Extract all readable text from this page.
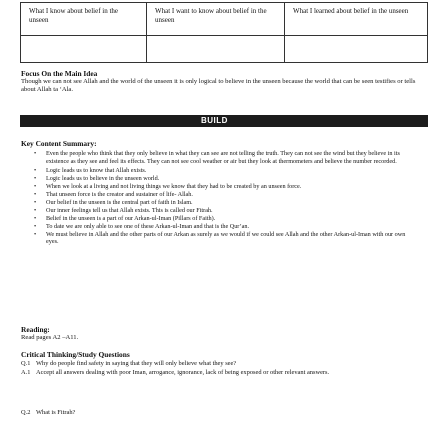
What I know about belief in the unseen	What I want to know about belief in the unseen	What I learned about belief in the unseen

Focus On the Main Idea
Though we can not see Allah and the world of the unseen it is only logical to believe in the unseen because the world that can be seen testifies or tells about Allah ta ‘Ala.
BUILD
Key Content Summary:
• Even the people who think that they only believe in what they can see are not telling the truth. They can not see the wind but they believe in its existence as they see and feel its effects. They can not see cool weather or air but they look at thermometers and believe the number recorded.
• Logic leads us to know that Allah exists.
• Logic leads us to believe in the unseen world.
• When we look at a living and not living things we know that they had to be created by an unseen force.
• That unseen force is the creator and sustainer of life- Allah.
• Our belief in the unseen is the central part of faith in Islam.
• Our inner feelings tell us that Allah exists. This is called our Fitrah.
• Belief in the unseen is a part of our Arkan-ul-Iman (Pillars of Faith).
• To date we are only able to see one of these Arkan-ul-Iman and that is the Qur’an.
• We must believe in Allah and the other parts of our Arkan as surely as we would if we could see Allah and the other Arkan-ul-Iman with our own eyes.
Reading:
Read pages A2 –A11.
Critical Thinking/Study Questions
Q.1 Why do people find safety in saying that they will only believe what they see?
A.1 Accept all answers dealing with poor Iman, arrogance, ignorance, lack of being exposed or other relevant answers.
Q.2 What is Fitrah?
